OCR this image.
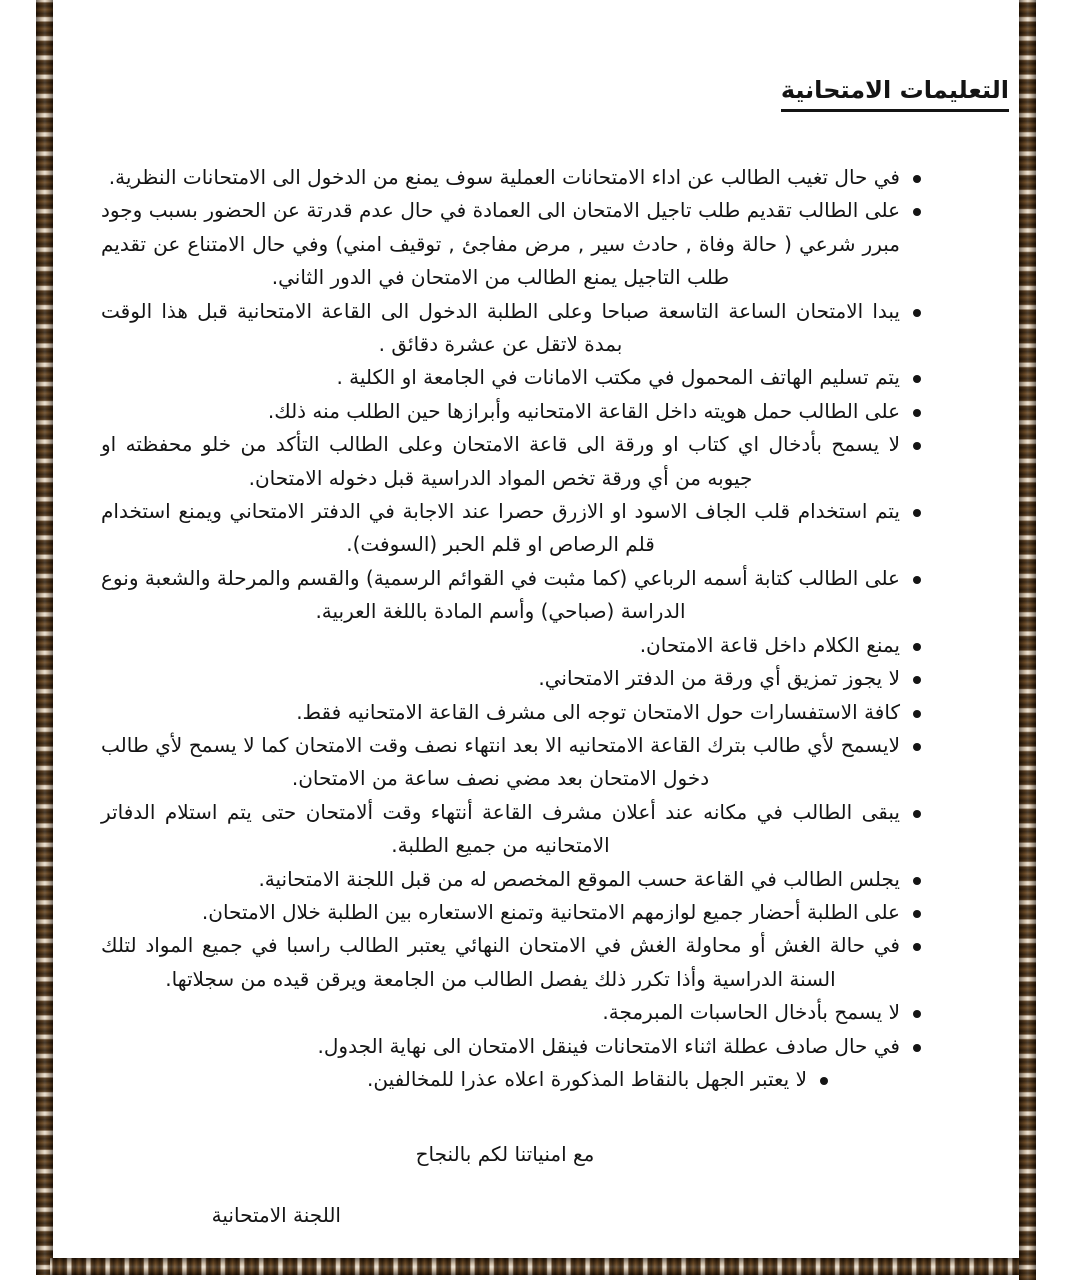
التعليمات الامتحانية
في حال تغيب الطالب عن اداء الامتحانات العملية سوف يمنع من الدخول الى الامتحانات النظرية.
على الطالب تقديم طلب تاجيل الامتحان الى العمادة في حال عدم قدرتة عن الحضور بسبب وجود مبرر شرعي ( حالة وفاة , حادث سير , مرض مفاجئ , توقيف امني) وفي حال الامتناع عن تقديم طلب التاجيل يمنع الطالب من الامتحان في الدور الثاني.
يبدا الامتحان الساعة التاسعة صباحا وعلى الطلبة الدخول الى القاعة الامتحانية قبل هذا الوقت بمدة لاتقل عن عشرة دقائق .
يتم تسليم الهاتف المحمول في مكتب الامانات في الجامعة او الكلية .
على الطالب حمل هويته داخل القاعة الامتحانيه وأبرازها حين الطلب منه ذلك.
لا يسمح بأدخال اي كتاب او ورقة الى قاعة الامتحان وعلى الطالب التأكد من خلو محفظته او جيوبه من أي ورقة تخص المواد الدراسية قبل دخوله الامتحان.
يتم استخدام قلب الجاف الاسود او الازرق حصرا عند الاجابة في الدفتر الامتحاني ويمنع استخدام قلم الرصاص او قلم الحبر (السوفت).
على الطالب كتابة أسمه الرباعي (كما مثبت في القوائم الرسمية) والقسم والمرحلة والشعبة ونوع الدراسة (صباحي) وأسم المادة باللغة العربية.
يمنع الكلام داخل قاعة الامتحان.
لا يجوز تمزيق أي ورقة من الدفتر الامتحاني.
كافة الاستفسارات حول الامتحان توجه الى مشرف القاعة الامتحانيه فقط.
لايسمح لأي طالب بترك القاعة الامتحانيه الا بعد انتهاء نصف وقت الامتحان كما لا يسمح لأي طالب دخول الامتحان بعد مضي نصف ساعة من الامتحان.
يبقى الطالب في مكانه عند أعلان مشرف القاعة أنتهاء وقت ألامتحان حتى يتم استلام الدفاتر الامتحانيه من جميع الطلبة.
يجلس الطالب في القاعة حسب الموقع المخصص له من قبل اللجنة الامتحانية.
على الطلبة أحضار جميع لوازمهم الامتحانية وتمنع الاستعاره بين الطلبة خلال الامتحان.
في حالة الغش أو محاولة الغش في الامتحان النهائي يعتبر الطالب راسبا في جميع المواد لتلك السنة الدراسية وأذا تكرر ذلك يفصل الطالب من الجامعة ويرقن قيده من سجلاتها.
لا يسمح بأدخال الحاسبات المبرمجة.
في حال صادف عطلة اثناء الامتحانات فينقل الامتحان الى نهاية الجدول.
لا يعتبر الجهل بالنقاط المذكورة اعلاه عذرا للمخالفين.
مع امنياتنا لكم بالنجاح
اللجنة الامتحانية
